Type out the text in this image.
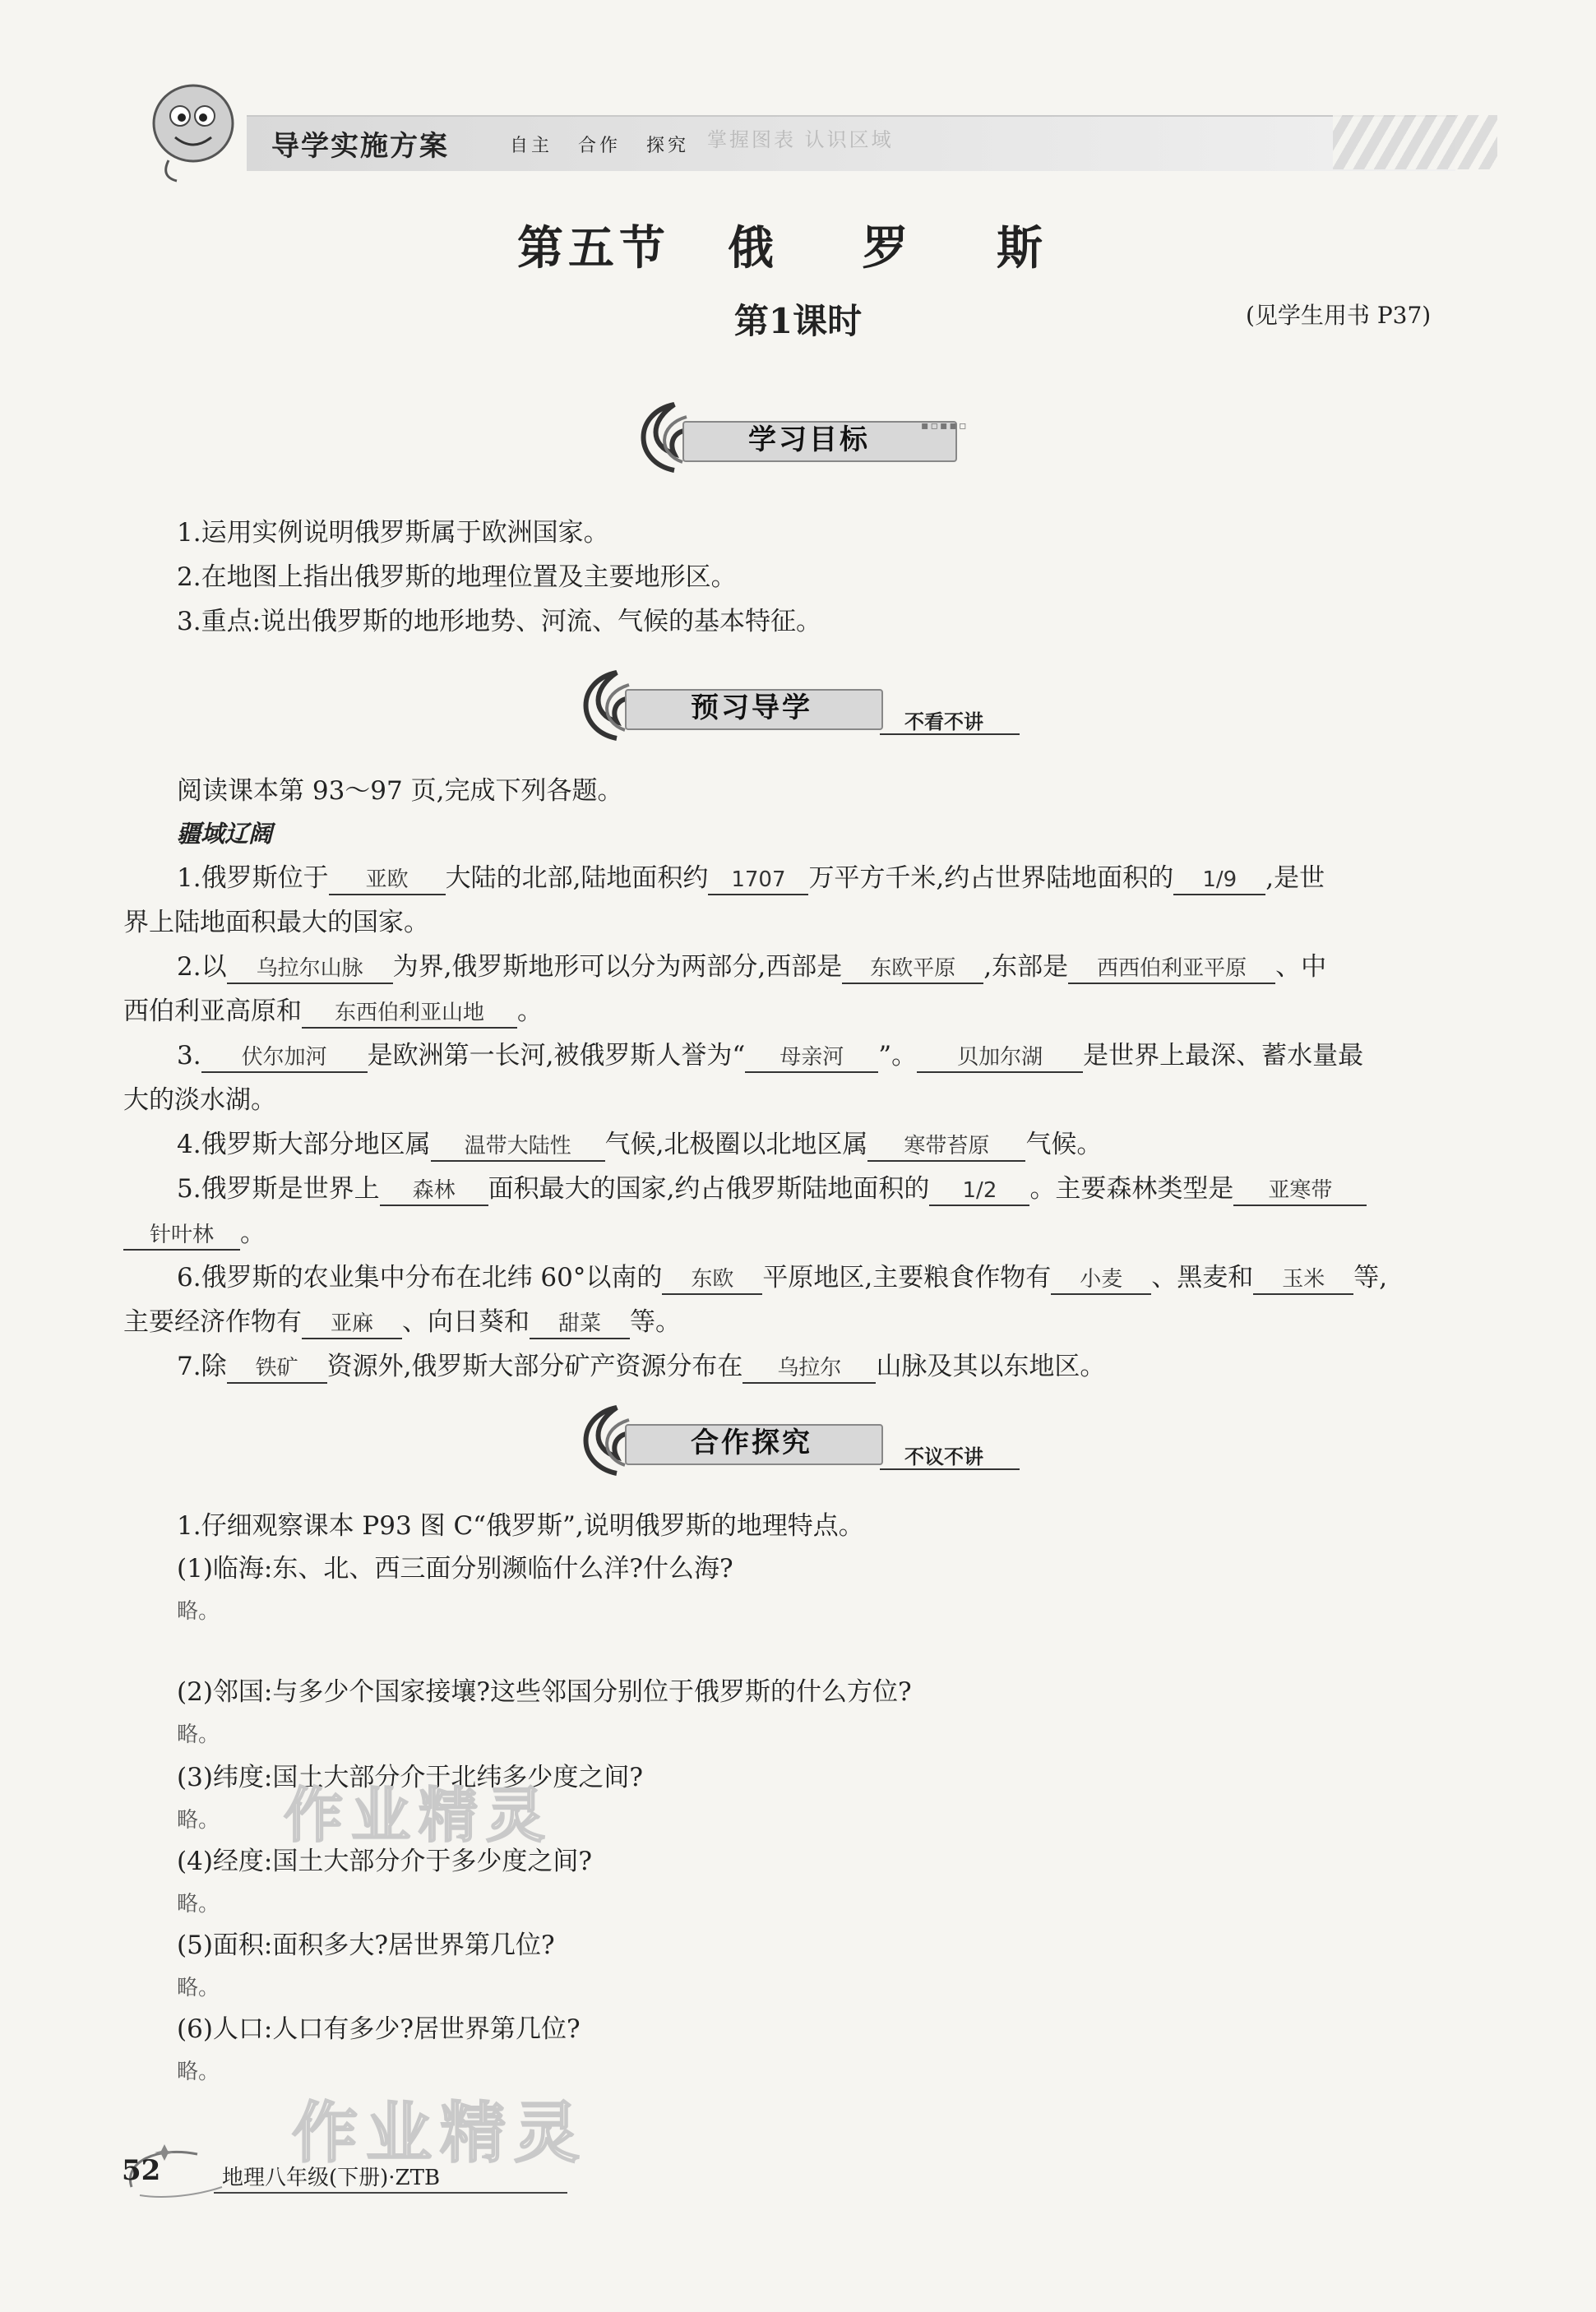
导学实施方案	自主 合作 探究 掌握图表 认识区域
第五节 俄 罗 斯
第1课时	(见学生用书 P37)
学习目标	▪▫▪▪▫
1.运用实例说明俄罗斯属于欧洲国家。
2.在地图上指出俄罗斯的地理位置及主要地形区。
3.重点:说出俄罗斯的地形地势、河流、气候的基本特征。
预习导学	不看不讲
阅读课本第 93～97 页,完成下列各题。
疆域辽阔
1.俄罗斯位于 亚欧 大陆的北部,陆地面积约 1707 万平方千米,约占世界陆地面积的 1/9 ,是世
界上陆地面积最大的国家。
2.以 乌拉尔山脉 为界,俄罗斯地形可以分为两部分,西部是 东欧平原 ,东部是 西西伯利亚平原 、中
西伯利亚高原和 东西伯利亚山地 。
3. 伏尔加河 是欧洲第一长河,被俄罗斯人誉为“ 母亲河 ”。 贝加尔湖 是世界上最深、蓄水量最
大的淡水湖。
4.俄罗斯大部分地区属 温带大陆性 气候,北极圈以北地区属 寒带苔原 气候。
5.俄罗斯是世界上 森林 面积最大的国家,约占俄罗斯陆地面积的 1/2 。主要森林类型是 亚寒带
针叶林 。
6.俄罗斯的农业集中分布在北纬 60°以南的 东欧 平原地区,主要粮食作物有 小麦 、黑麦和 玉米 等,
主要经济作物有 亚麻 、向日葵和 甜菜 等。
7.除 铁矿 资源外,俄罗斯大部分矿产资源分布在 乌拉尔 山脉及其以东地区。
合作探究	不议不讲
1.仔细观察课本 P93 图 C“俄罗斯”,说明俄罗斯的地理特点。
(1)临海:东、北、西三面分别濒临什么洋?什么海?
略。
(2)邻国:与多少个国家接壤?这些邻国分别位于俄罗斯的什么方位?
略。
(3)纬度:国土大部分介于北纬多少度之间?
略。
(4)经度:国土大部分介于多少度之间?
略。
(5)面积:面积多大?居世界第几位?
略。
(6)人口:人口有多少?居世界第几位?
略。
作业精灵
作业精灵
52	地理八年级(下册)·ZTB
